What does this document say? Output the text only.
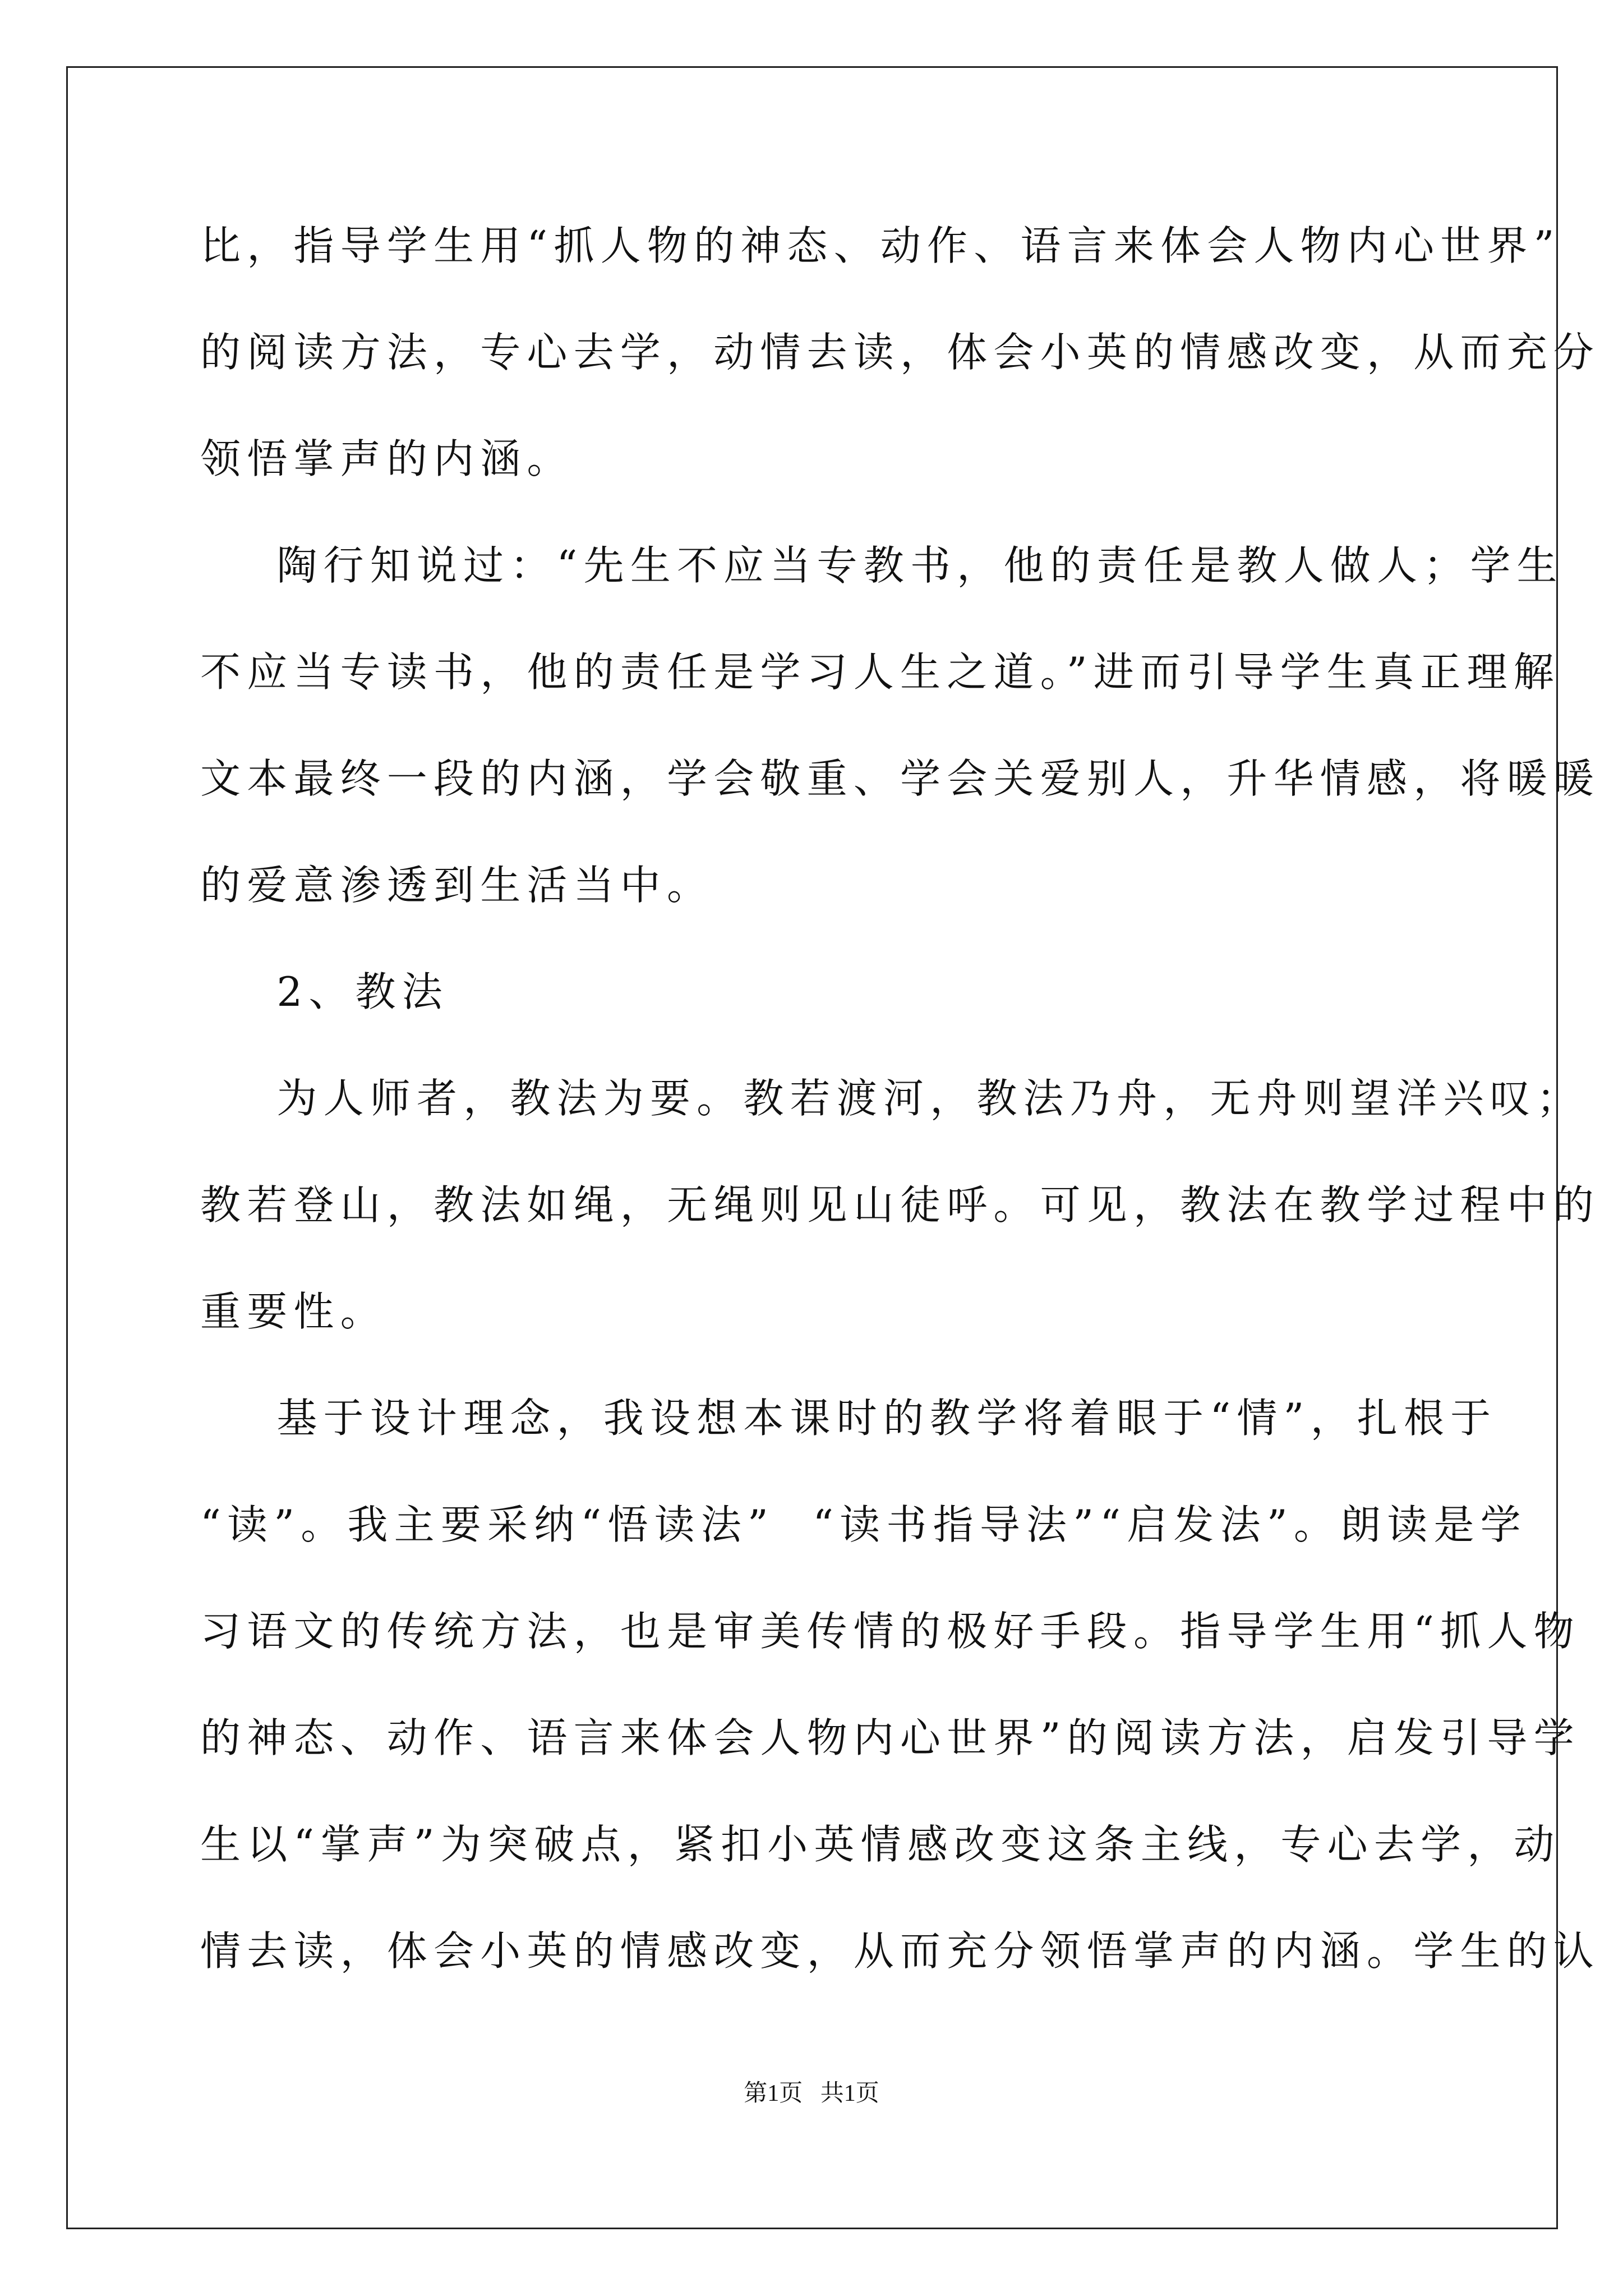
比，指导学生用“抓人物的神态、动作、语言来体会人物内心世界”
的阅读方法，专心去学，动情去读，体会小英的情感改变，从而充分
领悟掌声的内涵。
陶行知说过：“先生不应当专教书，他的责任是教人做人；学生
不应当专读书，他的责任是学习人生之道。”进而引导学生真正理解
文本最终一段的内涵，学会敬重、学会关爱别人，升华情感，将暖暖
的爱意渗透到生活当中。
2、教法
为人师者，教法为要。教若渡河，教法乃舟，无舟则望洋兴叹；
教若登山，教法如绳，无绳则见山徒呼。可见，教法在教学过程中的
重要性。
基于设计理念，我设想本课时的教学将着眼于“情”，扎根于
“读”。我主要采纳“悟读法”  “读书指导法”“启发法”。朗读是学
习语文的传统方法，也是审美传情的极好手段。指导学生用“抓人物
的神态、动作、语言来体会人物内心世界”的阅读方法，启发引导学
生以“掌声”为突破点，紧扣小英情感改变这条主线，专心去学，动
情去读，体会小英的情感改变，从而充分领悟掌声的内涵。学生的认
第1页   共1页
